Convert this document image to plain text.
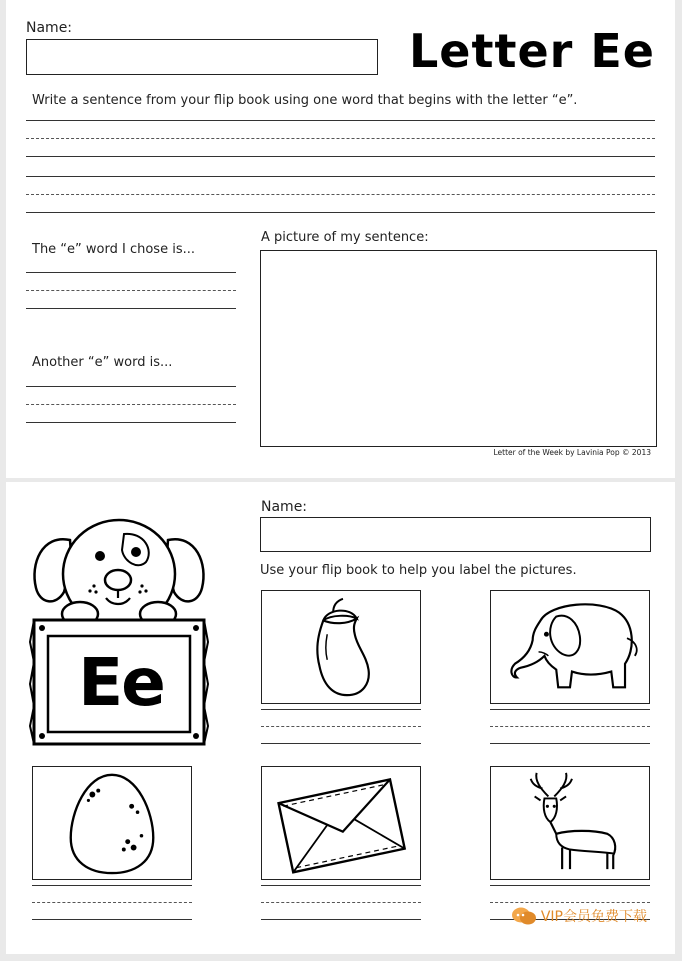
Name:	Letter Ee
Write a sentence from your flip book using one word that begins with the letter “e”.
The “e” word I chose is...
Another “e” word is...
A picture of my sentence:
Letter of the Week by Lavinia Pop © 2013
Ee
Name:
Use your flip book to help you label the pictures.
VIP会员免费下载
